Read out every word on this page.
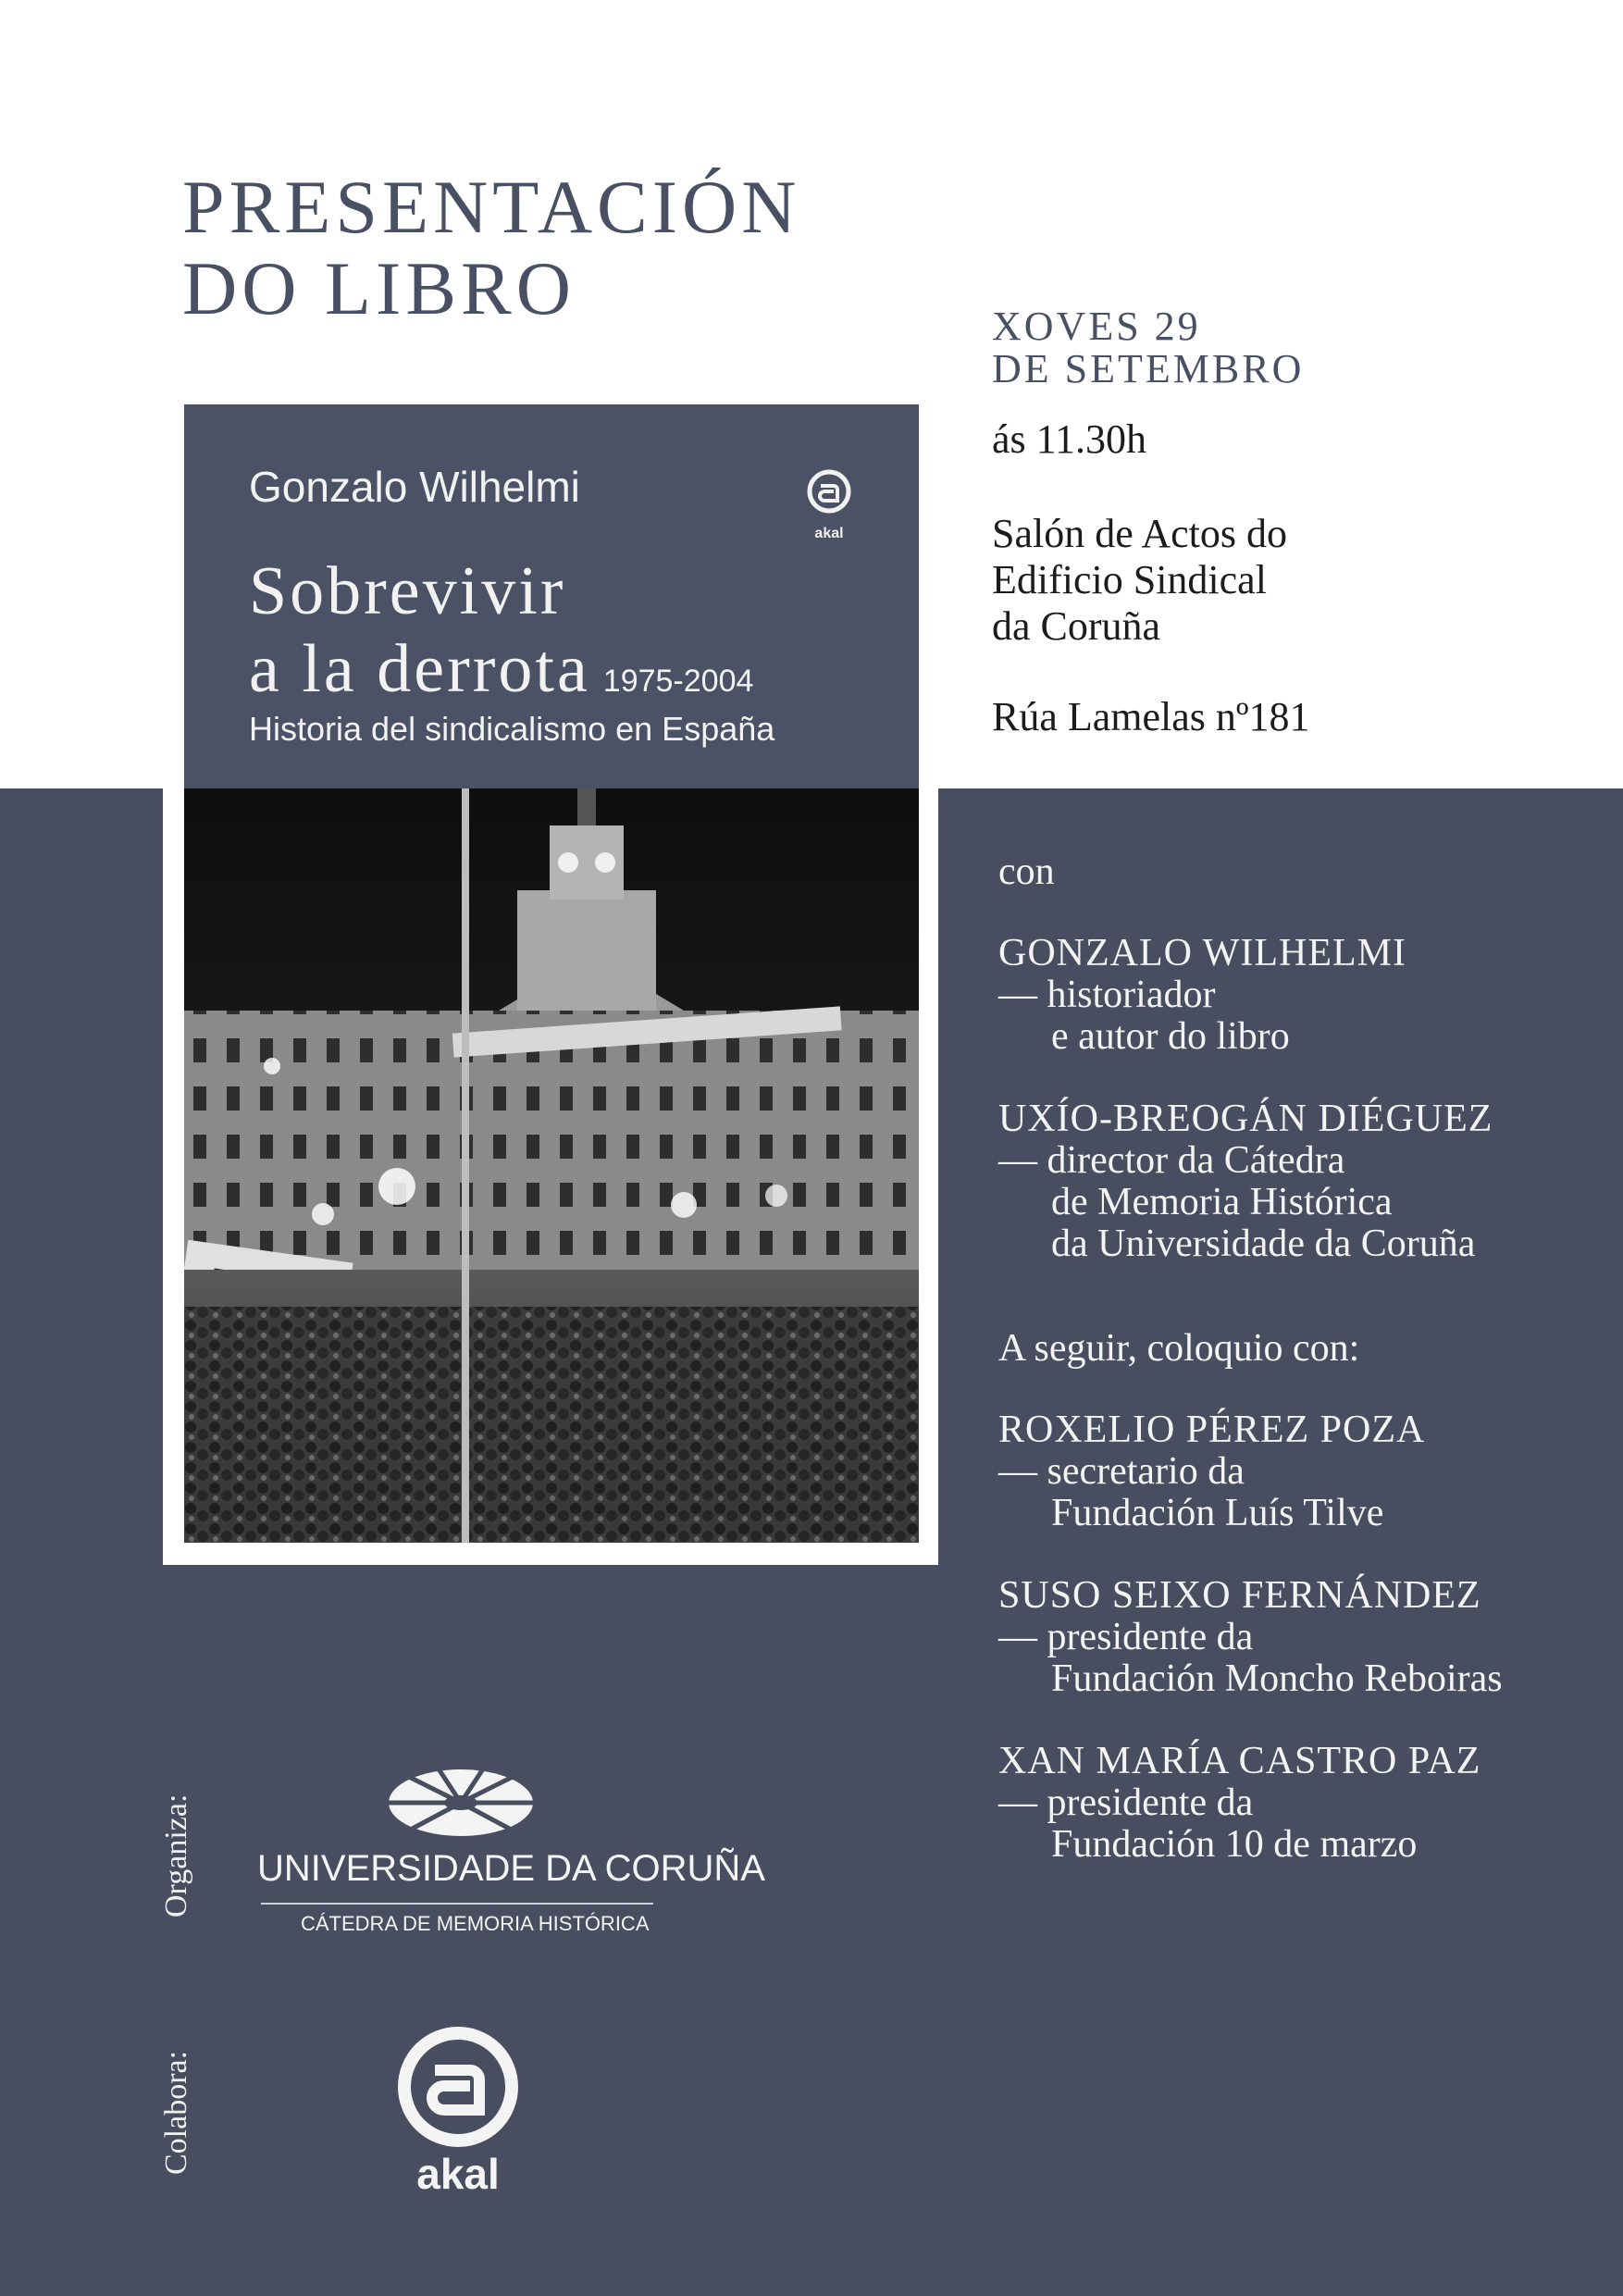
PRESENTACIÓN
DO LIBRO	XOVES 29
DE SETEMBRO
ás 11.30h
Salón de Actos do
Edificio Sindical
da Coruña
Rúa Lamelas nº181
Gonzalo Wilhelmi
akal
Sobrevivir
a la derrota 1975-2004
Historia del sindicalismo en España
con
GONZALO WILHELMI
— historiador
e autor do libro
UXÍO-BREOGÁN DIÉGUEZ
— director da Cátedra
de Memoria Histórica
da Universidade da Coruña
A seguir, coloquio con:
ROXELIO PÉREZ POZA
— secretario da
Fundación Luís Tilve
SUSO SEIXO FERNÁNDEZ
— presidente da
Fundación Moncho Reboiras
XAN MARÍA CASTRO PAZ
— presidente da
Fundación 10 de marzo
Organiza: UNIVERSIDADE DA CORUÑA
CÁTEDRA DE MEMORIA HISTÓRICA
Colabora:	akal
